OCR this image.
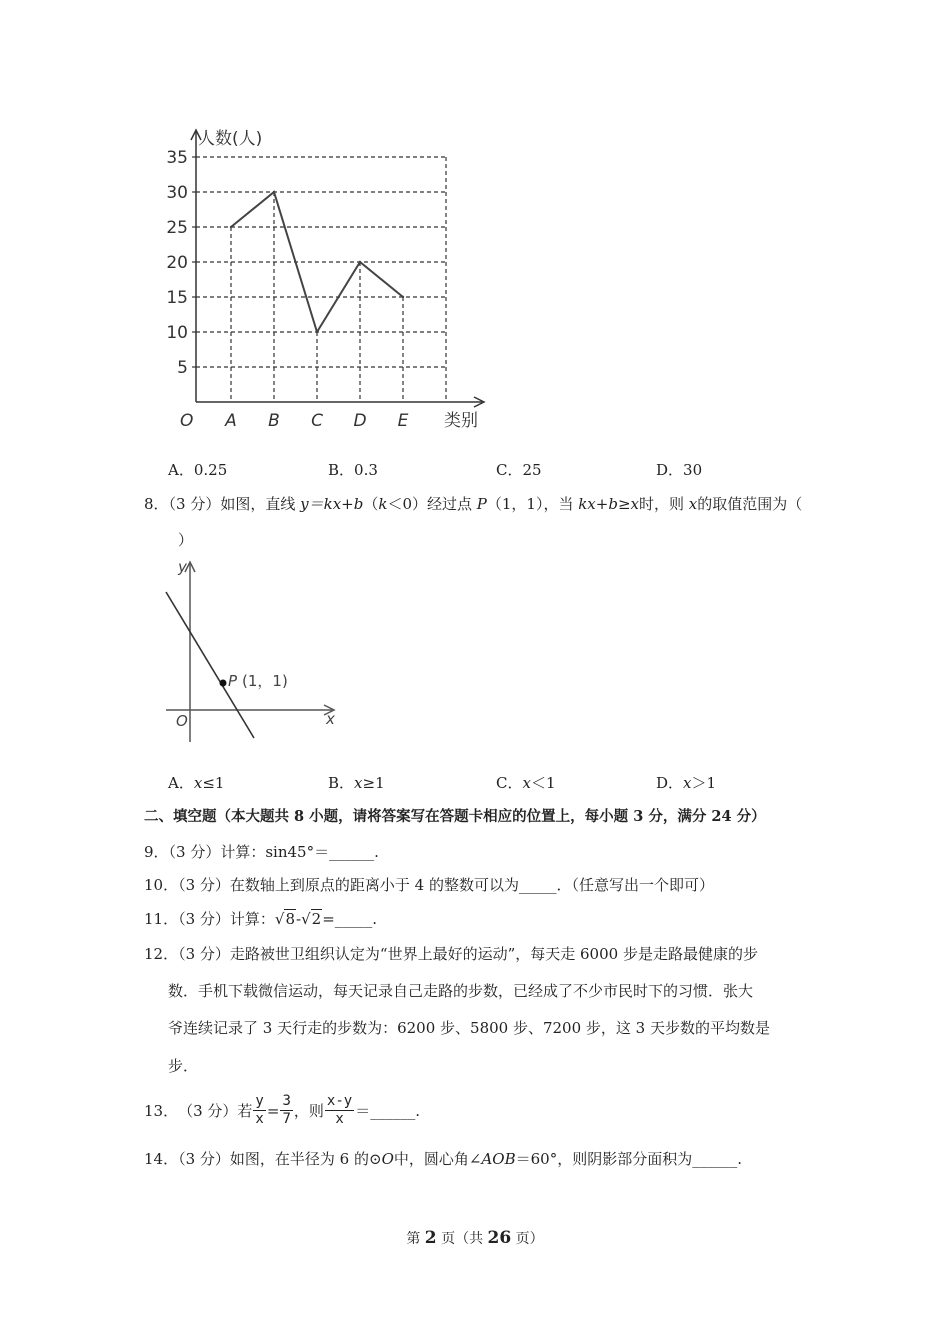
5
10
15
20
25
30
35
A B C D E
人数(人)
类别
O
A．0.25	B．0.3	C．25	D．30
8．（3 分）如图，直线 y＝kx+b（k＜0）经过点 P（1，1），当 kx+b≥x时，则 x的取值范围为（
）
y
x
O
P (1，1)
A．x≤1	B．x≥1	C．x＜1	D．x＞1
二、填空题（本大题共 8 小题，请将答案写在答题卡相应的位置上，每小题 3 分，满分 24 分）
9．（3 分）计算：sin45°＝______.
10．（3 分）在数轴上到原点的距离小于 4 的整数可以为_____．（任意写出一个即可）
11．（3 分）计算：√8-√2=_____.
12．（3 分）走路被世卫组织认定为“世界上最好的运动”，每天走 6000 步是走路最健康的步
数．手机下载微信运动，每天记录自己走路的步数，已经成了不少市民时下的习惯．张大
爷连续记录了 3 天行走的步数为：6200 步、5800 步、7200 步，这 3 天步数的平均数是
步．
13． （3 分） 若 $\frac{y}{x} = \frac{3}{7}$ ，则 $\frac{x-y}{x}$ ＝ ______ .
14．（3 分）如图，在半径为 6 的⊙O中，圆心角∠AOB＝60°，则阴影部分面积为______.
第 2 页（共 26 页）
